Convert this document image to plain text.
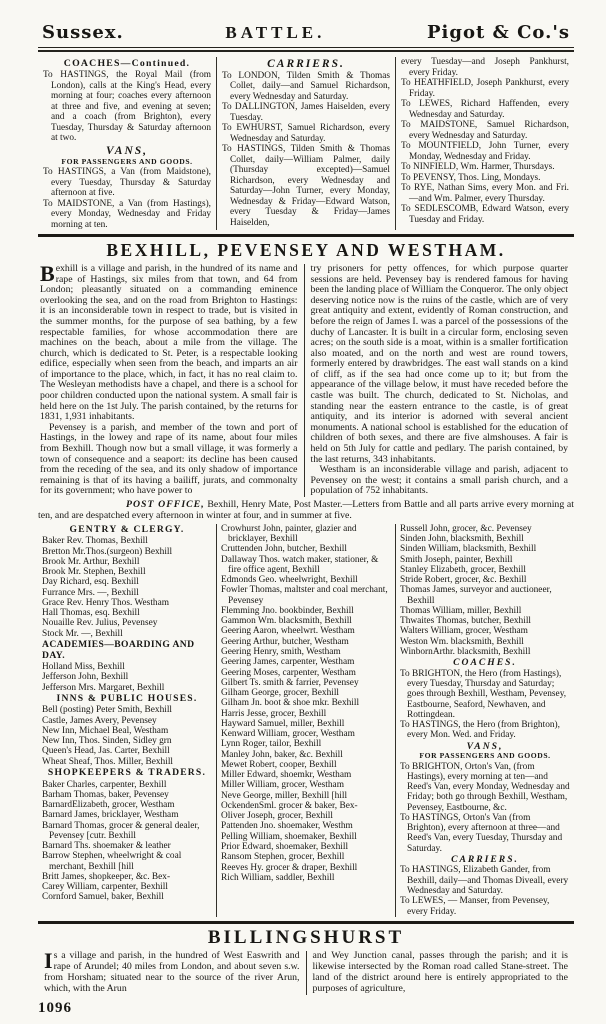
Sussex.	BATTLE.	Pigot & Co.'s
COACHES—Continued.
To HASTINGS, the Royal Mail (from London), calls at the King's Head, every morning at four; coaches every afternoon at three and five, and evening at seven; and a coach (from Brighton), every Tuesday, Thursday & Saturday afternoon at two.
VANS,
FOR PASSENGERS AND GOODS.
To HASTINGS, a Van (from Maidstone), every Tuesday, Thursday & Saturday afternoon at five.
To MAIDSTONE, a Van (from Hastings), every Monday, Wednesday and Friday morning at ten.
CARRIERS.
To LONDON, Tilden Smith & Thomas Collet, daily—and Samuel Richardson, every Wednesday and Saturday.
To DALLINGTON, James Haiselden, every Tuesday.
To EWHURST, Samuel Richardson, every Wednesday and Saturday.
To HASTINGS, Tilden Smith & Thomas Collet, daily—William Palmer, daily (Thursday excepted)—Samuel Richardson, every Wednesday and Saturday—John Turner, every Monday, Wednesday & Friday—Edward Watson, every Tuesday & Friday—James Haiselden,
every Tuesday—and Joseph Pankhurst, every Friday.
To HEATHFIELD, Joseph Pankhurst, every Friday.
To LEWES, Richard Haffenden, every Wednesday and Saturday.
To MAIDSTONE, Samuel Richardson, every Wednesday and Saturday.
To MOUNTFIELD, John Turner, every Monday, Wednesday and Friday.
To NINFIELD, Wm. Harmer, Thursdays.
To PEVENSY, Thos. Ling, Mondays.
To RYE, Nathan Sims, every Mon. and Fri.—and Wm. Palmer, every Thursday.
To SEDLESCOMB, Edward Watson, every Tuesday and Friday.
BEXHILL, PEVENSEY AND WESTHAM.
Bexhill is a village and parish, in the hundred of its name and rape of Hastings, six miles from that town, and 64 from London; pleasantly situated on a commanding eminence overlooking the sea, and on the road from Brighton to Hastings: it is an inconsiderable town in respect to trade, but is visited in the summer months, for the purpose of sea bathing, by a few respectable families, for whose accommodation there are machines on the beach, about a mile from the village. The church, which is dedicated to St. Peter, is a respectable looking edifice, especially when seen from the beach, and imparts an air of importance to the place, which, in fact, it has no real claim to. The Wesleyan methodists have a chapel, and there is a school for poor children conducted upon the national system. A small fair is held here on the 1st July. The parish contained, by the returns for 1831, 1,931 inhabitants.
Pevensey is a parish, and member of the town and port of Hastings, in the lowey and rape of its name, about four miles from Bexhill. Though now but a small village, it was formerly a town of consequence and a seaport: its decline has been caused from the receding of the sea, and its only shadow of importance remaining is that of its having a bailiff, jurats, and commonalty for its government; who have power to
try prisoners for petty offences, for which purpose quarter sessions are held. Pevensey bay is rendered famous for having been the landing place of William the Conqueror. The only object deserving notice now is the ruins of the castle, which are of very great antiquity and extent, evidently of Roman construction, and before the reign of James I. was a parcel of the possessions of the duchy of Lancaster. It is built in a circular form, enclosing seven acres; on the south side is a moat, within is a smaller fortification also moated, and on the north and west are round towers, formerly entered by drawbridges. The east wall stands on a kind of cliff, as if the sea had once come up to it; but from the appearance of the village below, it must have receded before the castle was built. The church, dedicated to St. Nicholas, and standing near the eastern entrance to the castle, is of great antiquity, and its interior is adorned with several ancient monuments. A national school is established for the education of children of both sexes, and there are five almshouses. A fair is held on 5th July for cattle and pedlary. The parish contained, by the last returns, 343 inhabitants.
Westham is an inconsiderable village and parish, adjacent to Pevensey on the west; it contains a small parish church, and a population of 752 inhabitants.
POST OFFICE, Bexhill, Henry Mate, Post Master.—Letters from Battle and all parts arrive every morning at ten, and are despatched every afternoon in winter at four, and in summer at five.
GENTRY & CLERGY.
Baker Rev. Thomas, Bexhill
Bretton Mr.Thos.(surgeon) Bexhill
Brook Mr. Arthur, Bexhill
Brook Mr. Stephen, Bexhill
Day Richard, esq. Bexhill
Furrance Mrs. —, Bexhill
Grace Rev. Henry Thos. Westham
Hall Thomas, esq. Bexhill
Nouaille Rev. Julius, Pevensey
Stock Mr. —, Bexhill
ACADEMIES—BOARDING AND DAY.
Holland Miss, Bexhill
Jefferson John, Bexhill
Jefferson Mrs. Margaret, Bexhill
INNS & PUBLIC HOUSES.
Bell (posting) Peter Smith, Bexhill
Castle, James Avery, Pevensey
New Inn, Michael Beal, Westham
New Inn, Thos. Sinden, Sidley grn
Queen's Head, Jas. Carter, Bexhill
Wheat Sheaf, Thos. Miller, Bexhill
SHOPKEEPERS & TRADERS.
Baker Charles, carpenter, Bexhill
Barham Thomas, baker, Pevensey
BarnardElizabeth, grocer, Westham
Barnard James, bricklayer, Westham
Barnard Thomas, grocer & general dealer, Pevensey [cutr. Bexhill
Barnard Ths. shoemaker & leather
Barrow Stephen, wheelwright & coal merchant, Bexhill [hill
Britt James, shopkeeper, &c. Bex-
Carey William, carpenter, Bexhill
Cornford Samuel, baker, Bexhill
Crowhurst John, painter, glazier and bricklayer, Bexhill
Cruttenden John, butcher, Bexhill
Dallaway Thos. watch maker, stationer, & fire office agent, Bexhill
Edmonds Geo. wheelwright, Bexhill
Fowler Thomas, maltster and coal merchant, Pevensey
Flemming Jno. bookbinder, Bexhill
Gammon Wm. blacksmith, Bexhill
Geering Aaron, wheelwrt. Westham
Geering Arthur, butcher, Westham
Geering Henry, smith, Westham
Geering James, carpenter, Westham
Geering Moses, carpenter, Westham
Gilbert Ts. smith & farrier, Pevensey
Gilham George, grocer, Bexhill
Gilham Jn. boot & shoe mkr. Bexhill
Harris Jesse, grocer, Bexhill
Hayward Samuel, miller, Bexhill
Kenward William, grocer, Westham
Lynn Roger, tailor, Bexhill
Manley John, baker, &c. Bexhill
Mewet Robert, cooper, Bexhill
Miller Edward, shoemkr, Westham
Miller William, grocer, Westham
Neve George, miller, Bexhill [hill
OckendenSml. grocer & baker, Bex-
Oliver Joseph, grocer, Bexhill
Pattenden Jno. shoemaker, Westhm
Pelling William, shoemaker, Bexhill
Prior Edward, shoemaker, Bexhill
Ransom Stephen, grocer, Bexhill
Reeves Hy. grocer & draper, Bexhill
Rich William, saddler, Bexhill
Russell John, grocer, &c. Pevensey
Sinden John, blacksmith, Bexhill
Sinden William, blacksmith, Bexhill
Smith Joseph, painter, Bexhill
Stanley Elizabeth, grocer, Bexhill
Stride Robert, grocer, &c. Bexhill
Thomas James, surveyor and auctioneer, Bexhill
Thomas William, miller, Bexhill
Thwaites Thomas, butcher, Bexhill
Walters William, grocer, Westham
Weston Wm. blacksmith, Bexhill
WinbornArthr. blacksmith, Bexhill
COACHES.
To BRIGHTON, the Hero (from Hastings), every Tuesday, Thursday and Saturday; goes through Bexhill, Westham, Pevensey, Eastbourne, Seaford, Newhaven, and Rottingdean.
To HASTINGS, the Hero (from Brighton), every Mon. Wed. and Friday.
VANS,
FOR PASSENGERS AND GOODS.
To BRIGHTON, Orton's Van, (from Hastings), every morning at ten—and Reed's Van, every Monday, Wednesday and Friday; both go through Bexhill, Westham, Pevensey, Eastbourne, &c.
To HASTINGS, Orton's Van (from Brighton), every afternoon at three—and Reed's Van, every Tuesday, Thursday and Saturday.
CARRIERS.
To HASTINGS, Elizabeth Gander, from Bexhill, daily—and Thomas Diveall, every Wednesday and Saturday.
To LEWES, — Manser, from Pevensey, every Friday.
BILLINGSHURST
Is a village and parish, in the hundred of West Easwrith and rape of Arundel; 40 miles from London, and about seven s.w. from Horsham; situated near to the source of the river Arun, which, with the Arun
and Wey Junction canal, passes through the parish; and it is likewise intersected by the Roman road called Stane-street. The land of the district around here is entirely appropriated to the purposes of agriculture,
1096
